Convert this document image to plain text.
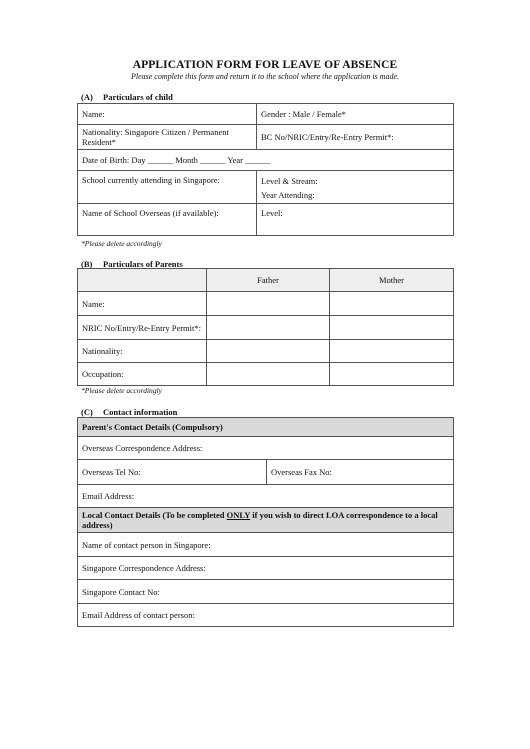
APPLICATION FORM FOR LEAVE OF ABSENCE
Please complete this form and return it to the school where the application is made.
(A) Particulars of child
Name:	Gender : Male / Female*
Nationality: Singapore Citizen / Permanent Resident*	BC No/NRIC/Entry/Re-Entry Permit*:
Date of Birth: Day ______ Month ______ Year ______	
School currently attending in Singapore:	Level & Stream:
	Year Attending:
Name of School Overseas (if available):	Level:
*Please delete accordingly
(B) Particulars of Parents
	Father	Mother
Name:		
NRIC No/Entry/Re-Entry Permit*:		
Nationality:		
Occupation:		
*Please delete accordingly
(C) Contact information
Parent's Contact Details (Compulsory)
Overseas Correspondence Address:
Overseas Tel No:	Overseas Fax No:
Email Address:
Local Contact Details (To be completed ONLY if you wish to direct LOA correspondence to a local address)
Name of contact person in Singapore:
Singapore Correspondence Address:
Singapore Contact No:
Email Address of contact person:
